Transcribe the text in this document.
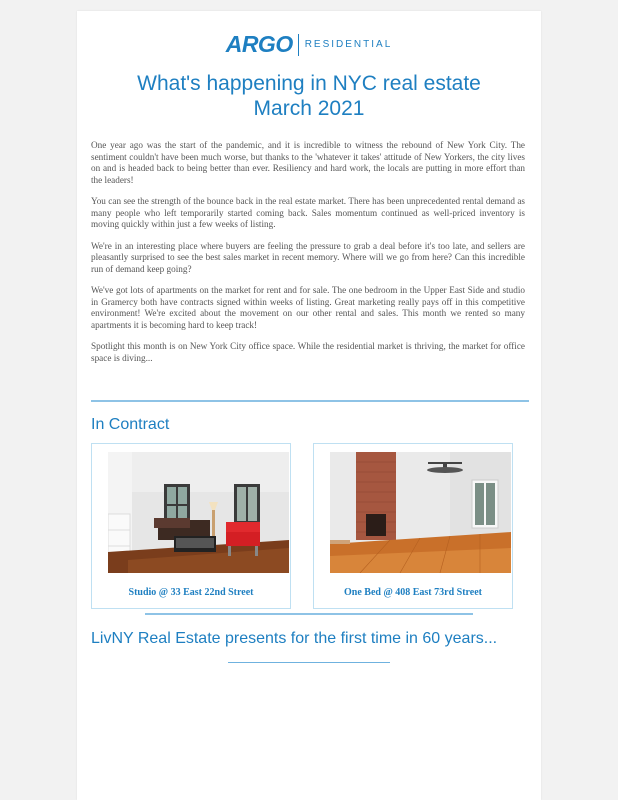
ARGO RESIDENTIAL
What's happening in NYC real estate
March 2021

One year ago was the start of the pandemic, and it is incredible to witness the rebound of New York City. The sentiment couldn't have been much worse, but thanks to the 'whatever it takes' attitude of New Yorkers, the city lives on and is headed back to being better than ever. Resiliency and hard work, the locals are putting in more effort than the leaders!

You can see the strength of the bounce back in the real estate market. There has been unprecedented rental demand as many people who left temporarily started coming back. Sales momentum continued as well-priced inventory is moving quickly within just a few weeks of listing.

We're in an interesting place where buyers are feeling the pressure to grab a deal before it's too late, and sellers are pleasantly surprised to see the best sales market in recent memory. Where will we go from here? Can this incredible run of demand keep going?

We've got lots of apartments on the market for rent and for sale. The one bedroom in the Upper East Side and studio in Gramercy both have contracts signed within weeks of listing. Great marketing really pays off in this competitive environment! We're excited about the movement on our other rental and sales. This month we rented so many apartments it is becoming hard to keep track!

Spotlight this month is on New York City office space. While the residential market is thriving, the market for office space is diving...

In Contract
Studio @ 33 East 22nd Street	One Bed @ 408 East 73rd Street
LivNY Real Estate presents for the first time in 60 years...
